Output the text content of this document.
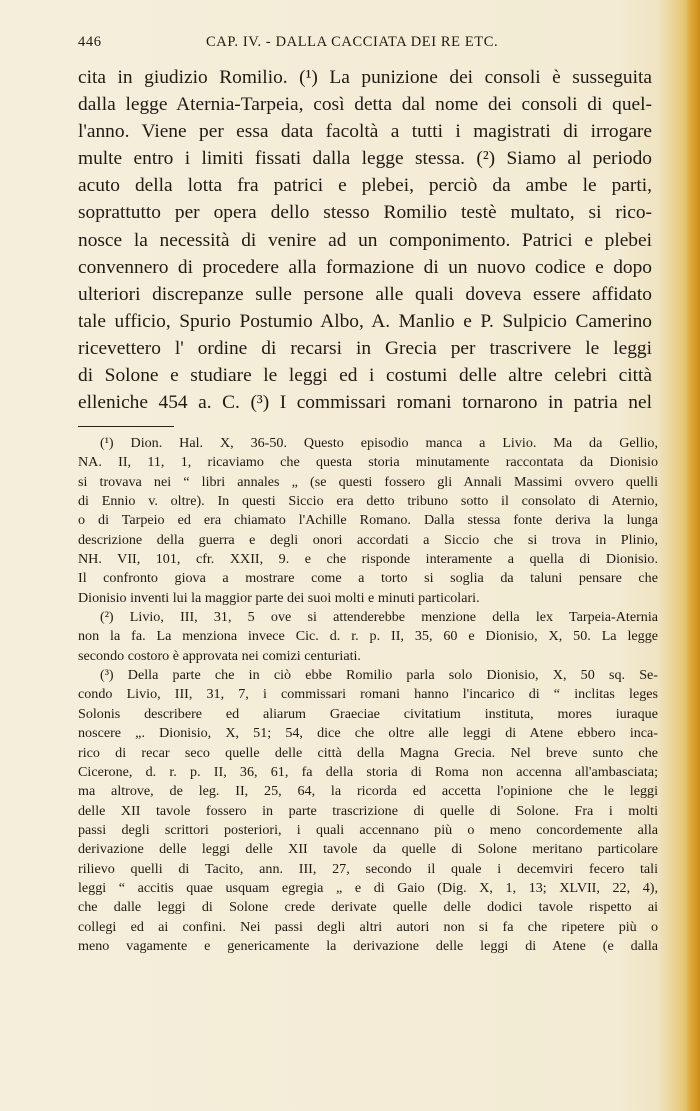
446	CAP. IV. - DALLA CACCIATA DEI RE ETC.
cita in giudizio Romilio. (¹) La punizione dei consoli è susseguita
dalla legge Aternia-Tarpeia, così detta dal nome dei consoli di quel-
l'anno. Viene per essa data facoltà a tutti i magistrati di irrogare
multe entro i limiti fissati dalla legge stessa. (²) Siamo al periodo
acuto della lotta fra patrici e plebei, perciò da ambe le parti,
soprattutto per opera dello stesso Romilio testè multato, si rico-
nosce la necessità di venire ad un componimento. Patrici e plebei
convennero di procedere alla formazione di un nuovo codice e dopo
ulteriori discrepanze sulle persone alle quali doveva essere affidato
tale ufficio, Spurio Postumio Albo, A. Manlio e P. Sulpicio Camerino
ricevettero l' ordine di recarsi in Grecia per trascrivere le leggi
di Solone e studiare le leggi ed i costumi delle altre celebri città
elleniche 454 a. C. (³) I commissari romani tornarono in patria nel
(¹) Dion. Hal. X, 36-50. Questo episodio manca a Livio. Ma da Gellio,
NA. II, 11, 1, ricaviamo che questa storia minutamente raccontata da Dionisio
si trovava nei “ libri annales „ (se questi fossero gli Annali Massimi ovvero quelli
di Ennio v. oltre). In questi Siccio era detto tribuno sotto il consolato di Aternio,
o di Tarpeio ed era chiamato l'Achille Romano. Dalla stessa fonte deriva la lunga
descrizione della guerra e degli onori accordati a Siccio che si trova in Plinio,
NH. VII, 101, cfr. XXII, 9. e che risponde interamente a quella di Dionisio.
Il confronto giova a mostrare come a torto si soglia da taluni pensare che
Dionisio inventi lui la maggior parte dei suoi molti e minuti particolari.
(²) Livio, III, 31, 5 ove si attenderebbe menzione della lex Tarpeia-Aternia
non la fa. La menziona invece Cic. d. r. p. II, 35, 60 e Dionisio, X, 50. La legge
secondo costoro è approvata nei comizi centuriati.
(³) Della parte che in ciò ebbe Romilio parla solo Dionisio, X, 50 sq. Se-
condo Livio, III, 31, 7, i commissari romani hanno l'incarico di “ inclitas leges
Solonis describere ed aliarum Graeciae civitatium instituta, mores iuraque
noscere „. Dionisio, X, 51; 54, dice che oltre alle leggi di Atene ebbero inca-
rico di recar seco quelle delle città della Magna Grecia. Nel breve sunto che
Cicerone, d. r. p. II, 36, 61, fa della storia di Roma non accenna all'ambasciata;
ma altrove, de leg. II, 25, 64, la ricorda ed accetta l'opinione che le leggi
delle XII tavole fossero in parte trascrizione di quelle di Solone. Fra i molti
passi degli scrittori posteriori, i quali accennano più o meno concordemente alla
derivazione delle leggi delle XII tavole da quelle di Solone meritano particolare
rilievo quelli di Tacito, ann. III, 27, secondo il quale i decemviri fecero tali
leggi “ accitis quae usquam egregia „ e di Gaio (Dig. X, 1, 13; XLVII, 22, 4),
che dalle leggi di Solone crede derivate quelle delle dodici tavole rispetto ai
collegi ed ai confini. Nei passi degli altri autori non si fa che ripetere più o
meno vagamente e genericamente la derivazione delle leggi di Atene (e dalla
